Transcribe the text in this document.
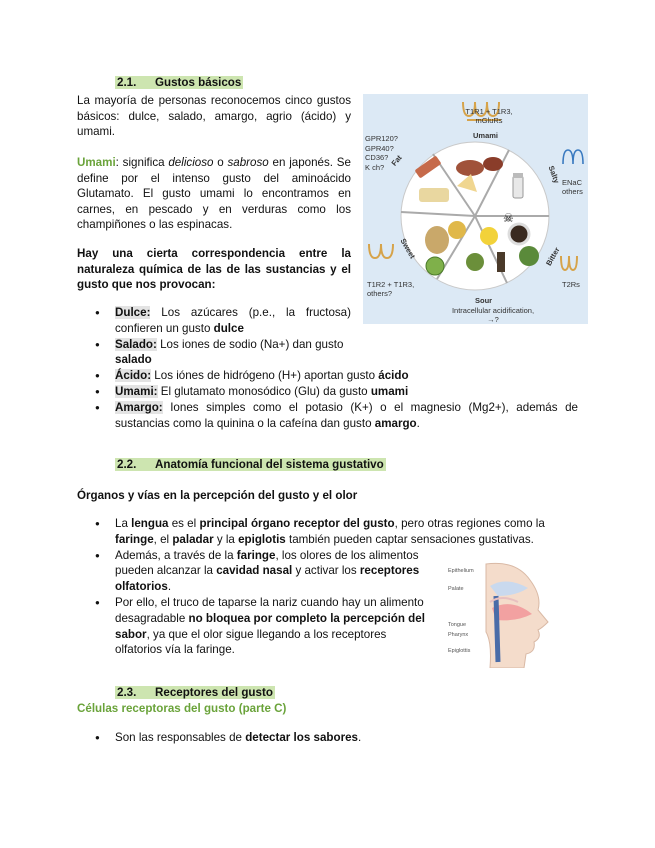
2.1. Gustos básicos
La mayoría de personas reconocemos cinco gustos básicos: dulce, salado, amargo, agrio (ácido) y umami.
Umami: significa delicioso o sabroso en japonés. Se define por el intenso gusto del aminoácido Glutamato. El gusto umami lo encontramos en carnes, en pescado y en verduras como los champiñones o las espinacas.
Hay una cierta correspondencia entre la naturaleza química de las de las sustancias y el gusto que nos provocan:
☠
T1R1 + T1R3,
mGluRs
Umami
GPR120?
GPR40?
CD36?
K ch? Fat
Salty ENaC
others
Sweet
T1R2 + T1R3,
others?
Sour
Intracellular acidification,
→?
Bitter
T2Rs
● Dulce: Los azúcares (p.e., la fructosa) confieren un gusto dulce
● Salado: Los iones de sodio (Na+) dan gusto salado
● Ácido: Los iónes de hidrógeno (H+) aportan gusto ácido
● Umami: El glutamato monosódico (Glu) da gusto umami
● Amargo: Iones simples como el potasio (K+) o el magnesio (Mg2+), además de sustancias como la quinina o la cafeína dan gusto amargo.
2.2. Anatomía funcional del sistema gustativo
Órganos y vías en la percepción del gusto y el olor
● La lengua es el principal órgano receptor del gusto, pero otras regiones como la faringe, el paladar y la epiglotis también pueden captar sensaciones gustativas.
● Además, a través de la faringe, los olores de los alimentos pueden alcanzar la cavidad nasal y activar los receptores olfatorios.
● Por ello, el truco de taparse la nariz cuando hay un alimento desagradable no bloquea por completo la percepción del sabor, ya que el olor sigue llegando a los receptores olfatorios vía la faringe.
Epithelium
Palate
Tongue
Pharynx
Epiglottis
2.3. Receptores del gusto
Células receptoras del gusto (parte C)
● Son las responsables de detectar los sabores.
